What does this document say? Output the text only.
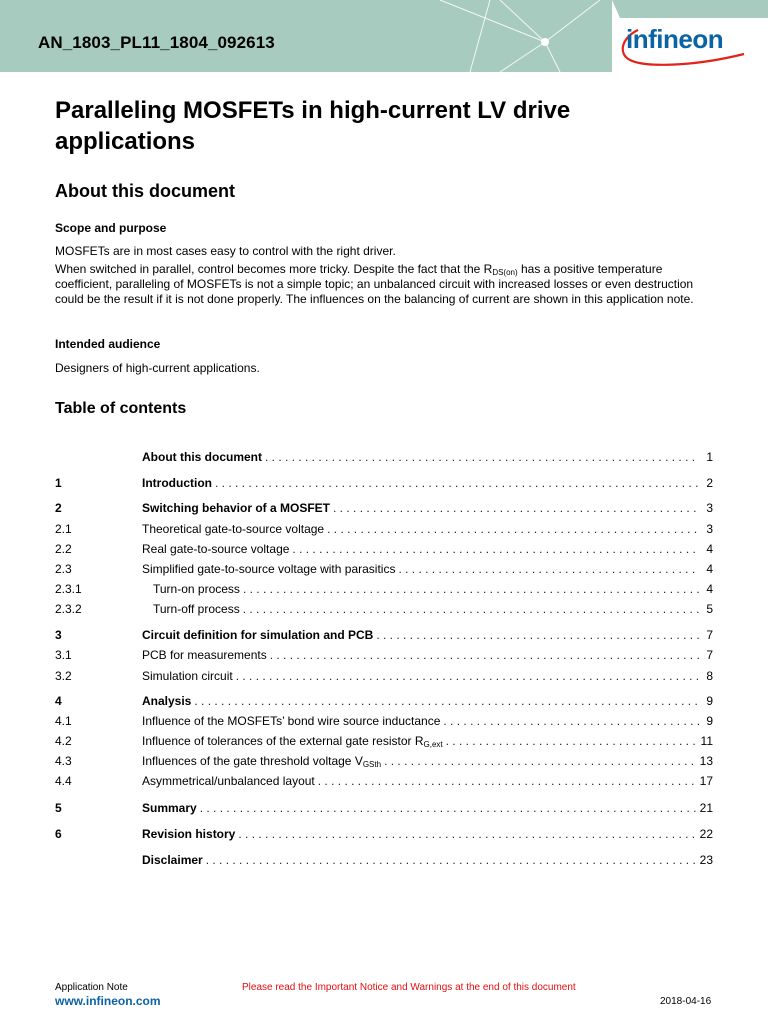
AN_1803_PL11_1804_092613	infineon
Paralleling MOSFETs in high-current LV drive applications
About this document
Scope and purpose
MOSFETs are in most cases easy to control with the right driver.
When switched in parallel, control becomes more tricky. Despite the fact that the $R_{DS(on)}$ has a positive temperature coefficient, paralleling of MOSFETs is not a simple topic; an unbalanced circuit with increased losses or even destruction could be the result if it is not done properly. The influences on the balancing of current are shown in this application note.
Intended audience
Designers of high-current applications.
Table of contents
About this document . . .	1
1	Introduction . . .	2
2	Switching behavior of a MOSFET . . .	3
2.1	Theoretical gate-to-source voltage . . .	3
2.2	Real gate-to-source voltage . . .	4
2.3	Simplified gate-to-source voltage with parasitics . . .	4
2.3.1	Turn-on process . . .	4
2.3.2	Turn-off process . . .	5
3	Circuit definition for simulation and PCB . . .	7
3.1	PCB for measurements . . .	7
3.2	Simulation circuit . . .	8
4	Analysis . . .	9
4.1	Influence of the MOSFETs’ bond wire source inductance . . .	9
4.2	Influence of tolerances of the external gate resistor $R_{G,ext}$ . . .	11
4.3	Influences of the gate threshold voltage $V_{GSth}$ . . .	13
4.4	Asymmetrical/unbalanced layout . . .	17
5	Summary . . .	21
6	Revision history . . .	22
Disclaimer . . .	23
Application Note
www.infineon.com
Please read the Important Notice and Warnings at the end of this document
2018-04-16
